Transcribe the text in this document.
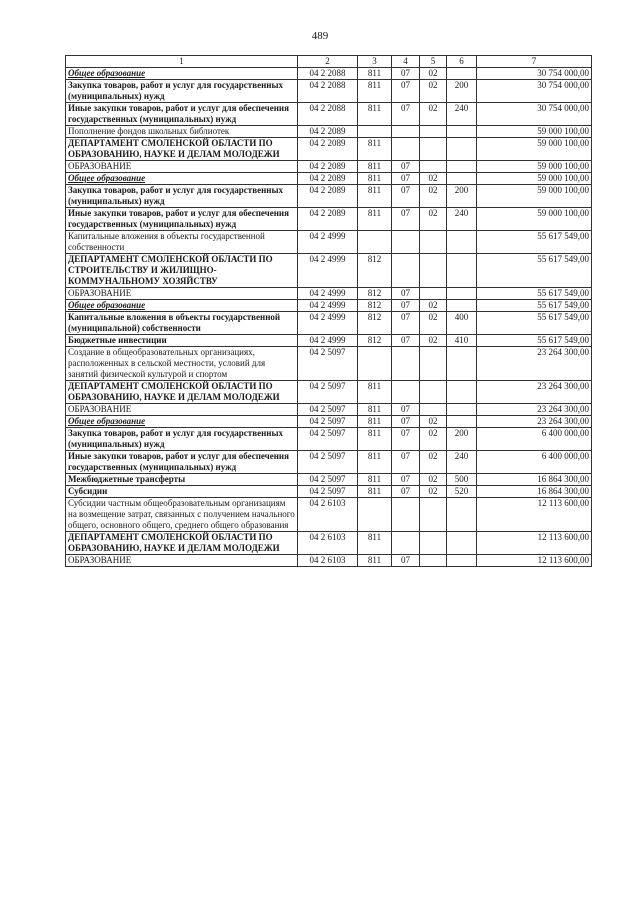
489
1	2	3	4	5	6	7
Общее образование	04 2 2088	811	07	02		30 754 000,00
Закупка товаров, работ и услуг для государственных (муниципальных) нужд	04 2 2088	811	07	02	200	30 754 000,00
Иные закупки товаров, работ и услуг для обеспечения государственных (муниципальных) нужд	04 2 2088	811	07	02	240	30 754 000,00
Пополнение фондов школьных библиотек	04 2 2089					59 000 100,00
ДЕПАРТАМЕНТ СМОЛЕНСКОЙ ОБЛАСТИ ПО ОБРАЗОВАНИЮ, НАУКЕ И ДЕЛАМ МОЛОДЕЖИ	04 2 2089	811				59 000 100,00
ОБРАЗОВАНИЕ	04 2 2089	811	07			59 000 100,00
Общее образование	04 2 2089	811	07	02		59 000 100,00
Закупка товаров, работ и услуг для государственных (муниципальных) нужд	04 2 2089	811	07	02	200	59 000 100,00
Иные закупки товаров, работ и услуг для обеспечения государственных (муниципальных) нужд	04 2 2089	811	07	02	240	59 000 100,00
Капитальные вложения в объекты государственной собственности	04 2 4999					55 617 549,00
ДЕПАРТАМЕНТ СМОЛЕНСКОЙ ОБЛАСТИ ПО СТРОИТЕЛЬСТВУ И ЖИЛИЩНО-КОММУНАЛЬНОМУ ХОЗЯЙСТВУ	04 2 4999	812				55 617 549,00
ОБРАЗОВАНИЕ	04 2 4999	812	07			55 617 549,00
Общее образование	04 2 4999	812	07	02		55 617 549,00
Капитальные вложения в объекты государственной (муниципальной) собственности	04 2 4999	812	07	02	400	55 617 549,00
Бюджетные инвестиции	04 2 4999	812	07	02	410	55 617 549,00
Создание в общеобразовательных организациях, расположенных в сельской местности, условий для занятий физической культурой и спортом	04 2 5097					23 264 300,00
ДЕПАРТАМЕНТ СМОЛЕНСКОЙ ОБЛАСТИ ПО ОБРАЗОВАНИЮ, НАУКЕ И ДЕЛАМ МОЛОДЕЖИ	04 2 5097	811				23 264 300,00
ОБРАЗОВАНИЕ	04 2 5097	811	07			23 264 300,00
Общее образование	04 2 5097	811	07	02		23 264 300,00
Закупка товаров, работ и услуг для государственных (муниципальных) нужд	04 2 5097	811	07	02	200	6 400 000,00
Иные закупки товаров, работ и услуг для обеспечения государственных (муниципальных) нужд	04 2 5097	811	07	02	240	6 400 000,00
Межбюджетные трансферты	04 2 5097	811	07	02	500	16 864 300,00
Субсидии	04 2 5097	811	07	02	520	16 864 300,00
Субсидии частным общеобразовательным организациям на возмещение затрат, связанных с получением начального общего, основного общего, среднего общего образования	04 2 6103					12 113 600,00
ДЕПАРТАМЕНТ СМОЛЕНСКОЙ ОБЛАСТИ ПО ОБРАЗОВАНИЮ, НАУКЕ И ДЕЛАМ МОЛОДЕЖИ	04 2 6103	811				12 113 600,00
ОБРАЗОВАНИЕ	04 2 6103	811	07			12 113 600,00
